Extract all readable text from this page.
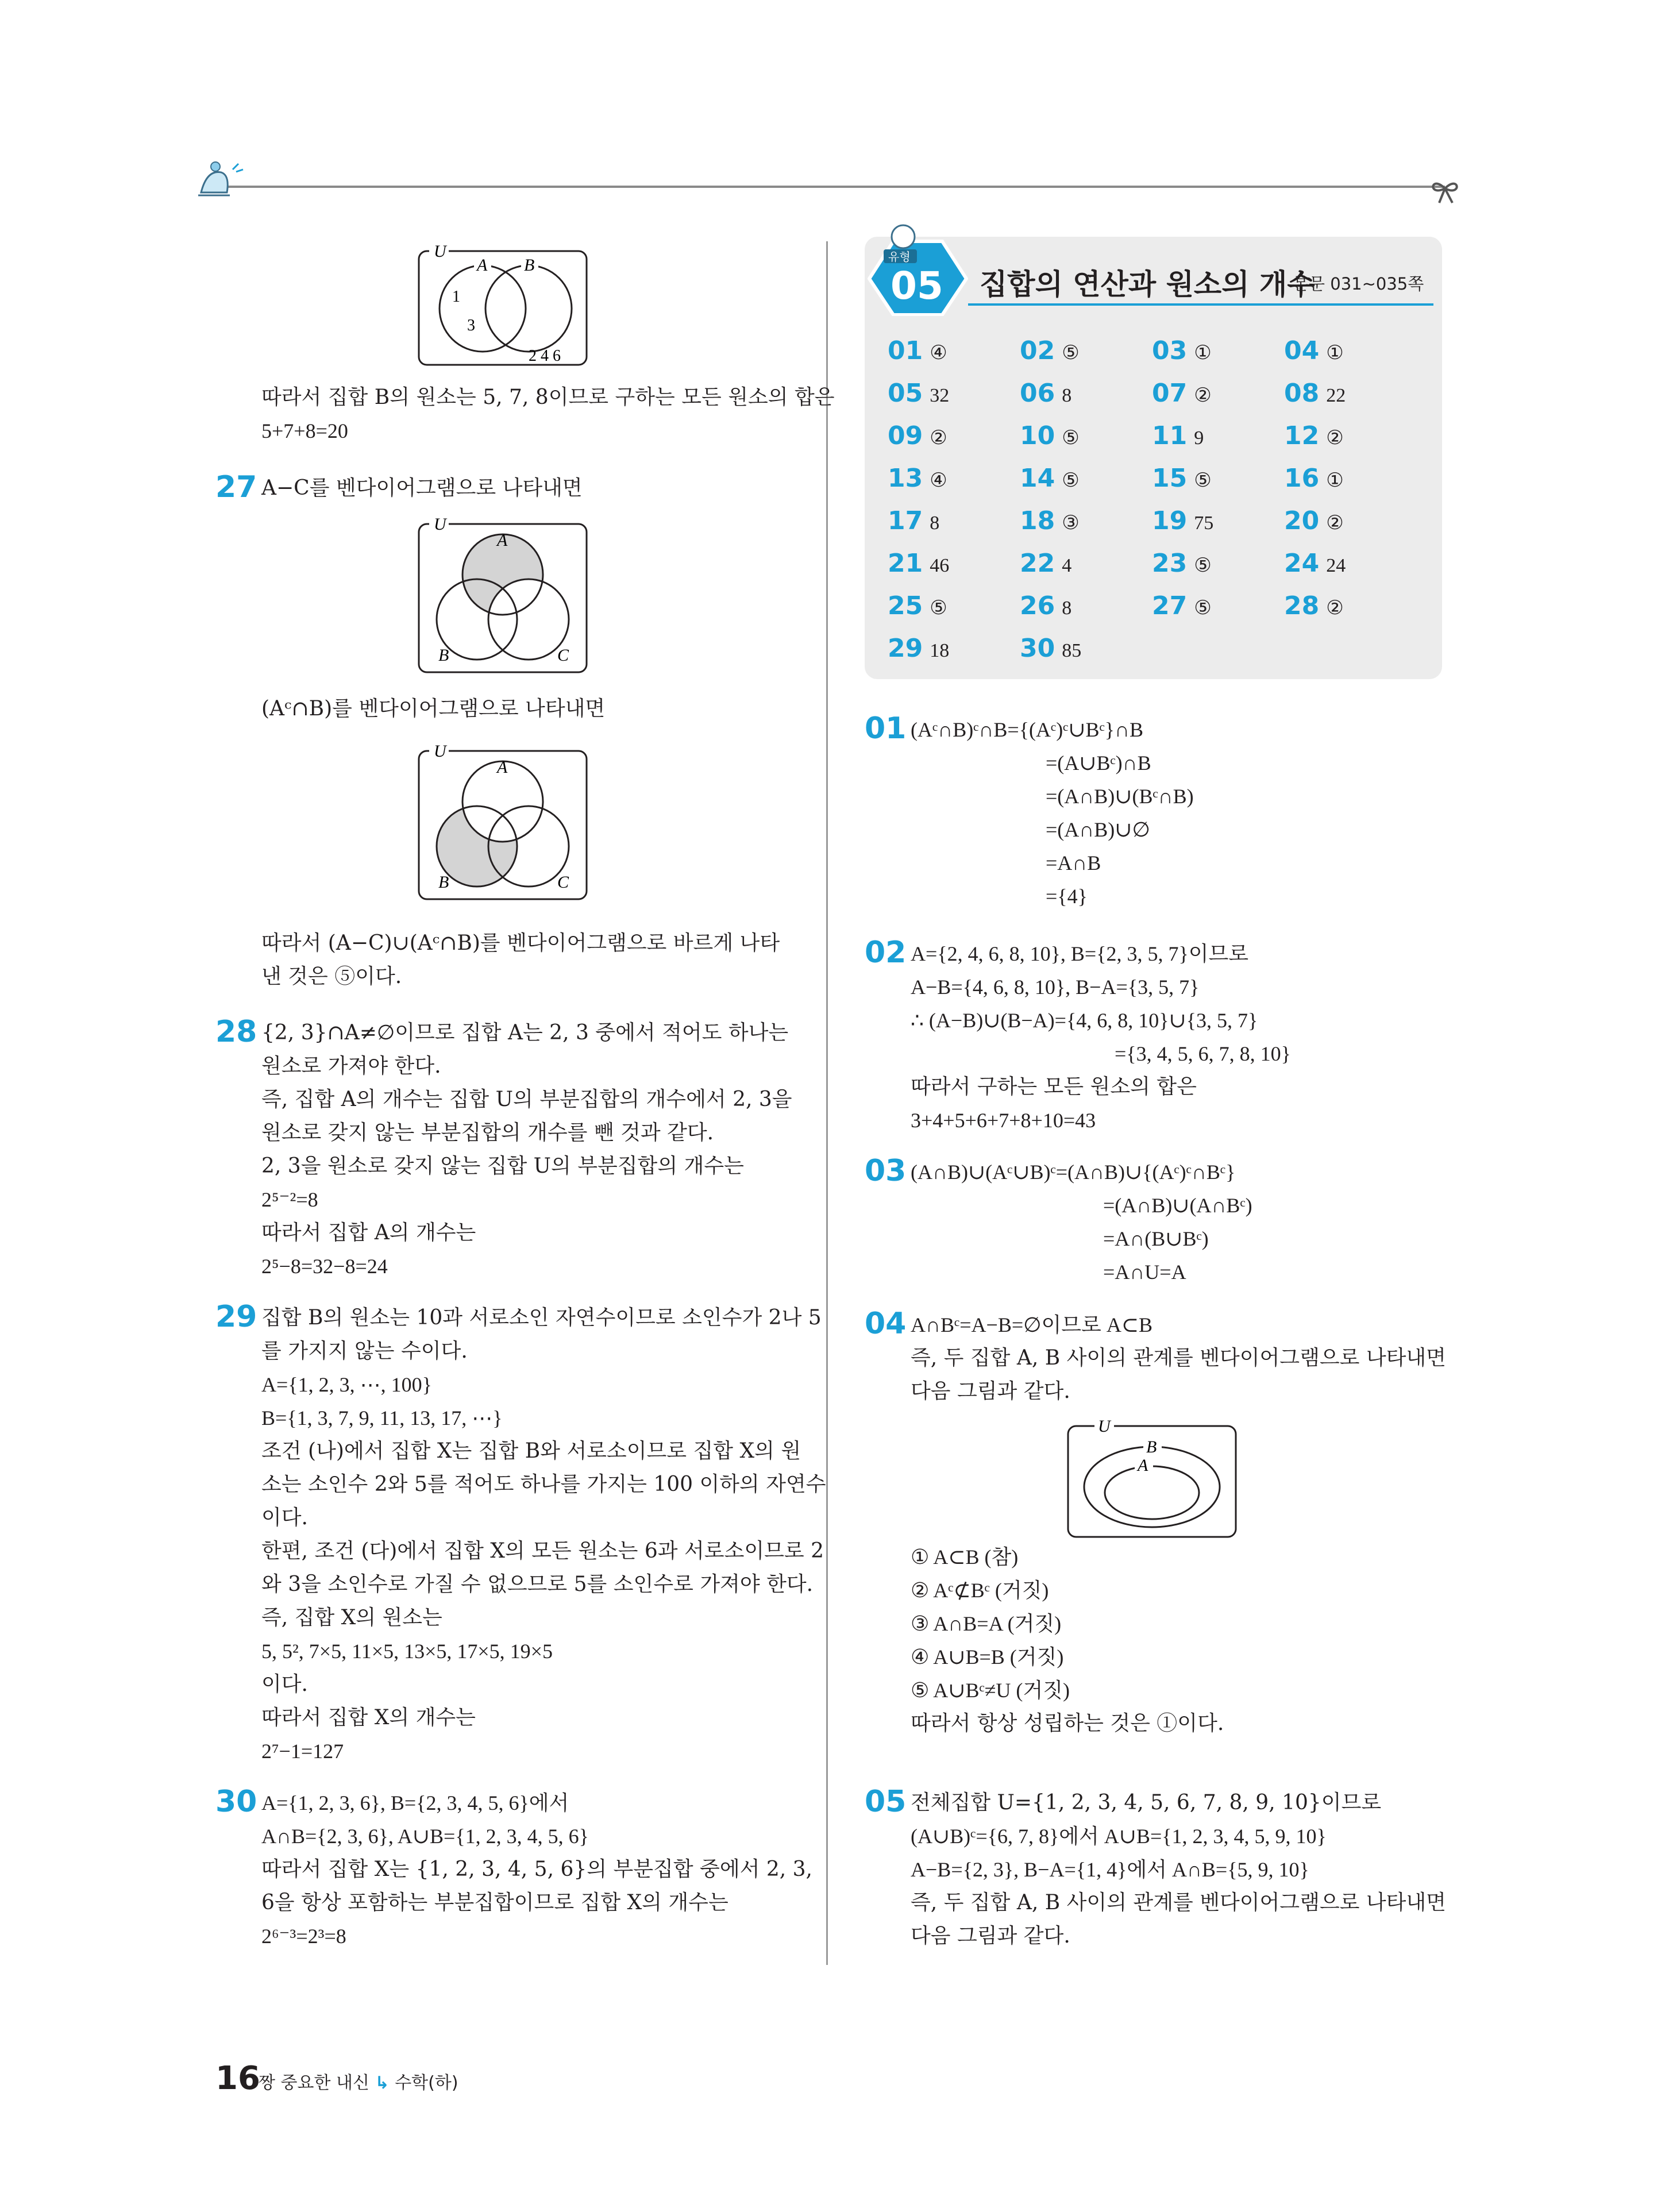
U
A B
1
3
2 4 6
따라서 집합 B의 원소는 5, 7, 8이므로 구하는 모든 원소의 합은
5+7+8=20
27 A−C를 벤다이어그램으로 나타내면
U
A
B	C
(Aᶜ∩B)를 벤다이어그램으로 나타내면
U
A
B	C
따라서 (A−C)∪(Aᶜ∩B)를 벤다이어그램으로 바르게 나타
낸 것은 ⑤이다.
28 {2, 3}∩A≠∅이므로 집합 A는 2, 3 중에서 적어도 하나는
원소로 가져야 한다.
즉, 집합 A의 개수는 집합 U의 부분집합의 개수에서 2, 3을
원소로 갖지 않는 부분집합의 개수를 뺀 것과 같다.
2, 3을 원소로 갖지 않는 집합 U의 부분집합의 개수는
2⁵⁻²=8
따라서 집합 A의 개수는
2⁵−8=32−8=24
29 집합 B의 원소는 10과 서로소인 자연수이므로 소인수가 2나 5
를 가지지 않는 수이다.
A={1, 2, 3, ⋯, 100}
B={1, 3, 7, 9, 11, 13, 17, ⋯}
조건 (나)에서 집합 X는 집합 B와 서로소이므로 집합 X의 원
소는 소인수 2와 5를 적어도 하나를 가지는 100 이하의 자연수
이다.
한편, 조건 (다)에서 집합 X의 모든 원소는 6과 서로소이므로 2
와 3을 소인수로 가질 수 없으므로 5를 소인수로 가져야 한다.
즉, 집합 X의 원소는
5, 5², 7×5, 11×5, 13×5, 17×5, 19×5
이다.
따라서 집합 X의 개수는
2⁷−1=127
30 A={1, 2, 3, 6}, B={2, 3, 4, 5, 6}에서
A∩B={2, 3, 6}, A∪B={1, 2, 3, 4, 5, 6}
따라서 집합 X는 {1, 2, 3, 4, 5, 6}의 부분집합 중에서 2, 3,
6을 항상 포함하는 부분집합이므로 집합 X의 개수는
2⁶⁻³=2³=8
유형
05 집합의 연산과 원소의 개수
본문 031~035쪽
01 ④	02 ⑤	03 ①	04 ①
05 32	06 8	07 ②	08 22
09 ②	10 ⑤	11 9	12 ②
13 ④	14 ⑤	15 ⑤	16 ①
17 8	18 ③	19 75	20 ②
21 46	22 4	23 ⑤	24 24
25 ⑤	26 8	27 ⑤	28 ②
29 18	30 85
01 (Aᶜ∩B)ᶜ∩B={(Aᶜ)ᶜ∪Bᶜ}∩B
=(A∪Bᶜ)∩B
=(A∩B)∪(Bᶜ∩B)
=(A∩B)∪∅
=A∩B
={4}
02 A={2, 4, 6, 8, 10}, B={2, 3, 5, 7}이므로
A−B={4, 6, 8, 10}, B−A={3, 5, 7}
∴ (A−B)∪(B−A)={4, 6, 8, 10}∪{3, 5, 7}
={3, 4, 5, 6, 7, 8, 10}
따라서 구하는 모든 원소의 합은
3+4+5+6+7+8+10=43
03 (A∩B)∪(Aᶜ∪B)ᶜ=(A∩B)∪{(Aᶜ)ᶜ∩Bᶜ}
=(A∩B)∪(A∩Bᶜ)
=A∩(B∪Bᶜ)
=A∩U=A
04 A∩Bᶜ=A−B=∅이므로 A⊂B
즉, 두 집합 A, B 사이의 관계를 벤다이어그램으로 나타내면
다음 그림과 같다.
U
B
A
① A⊂B (참)
② Aᶜ⊄Bᶜ (거짓)
③ A∩B=A (거짓)
④ A∪B=B (거짓)
⑤ A∪Bᶜ≠U (거짓)
따라서 항상 성립하는 것은 ①이다.
05 전체집합 U={1, 2, 3, 4, 5, 6, 7, 8, 9, 10}이므로
(A∪B)ᶜ={6, 7, 8}에서 A∪B={1, 2, 3, 4, 5, 9, 10}
A−B={2, 3}, B−A={1, 4}에서 A∩B={5, 9, 10}
즉, 두 집합 A, B 사이의 관계를 벤다이어그램으로 나타내면
다음 그림과 같다.
16
짱 중요한 내신 ↳ 수학(하)
